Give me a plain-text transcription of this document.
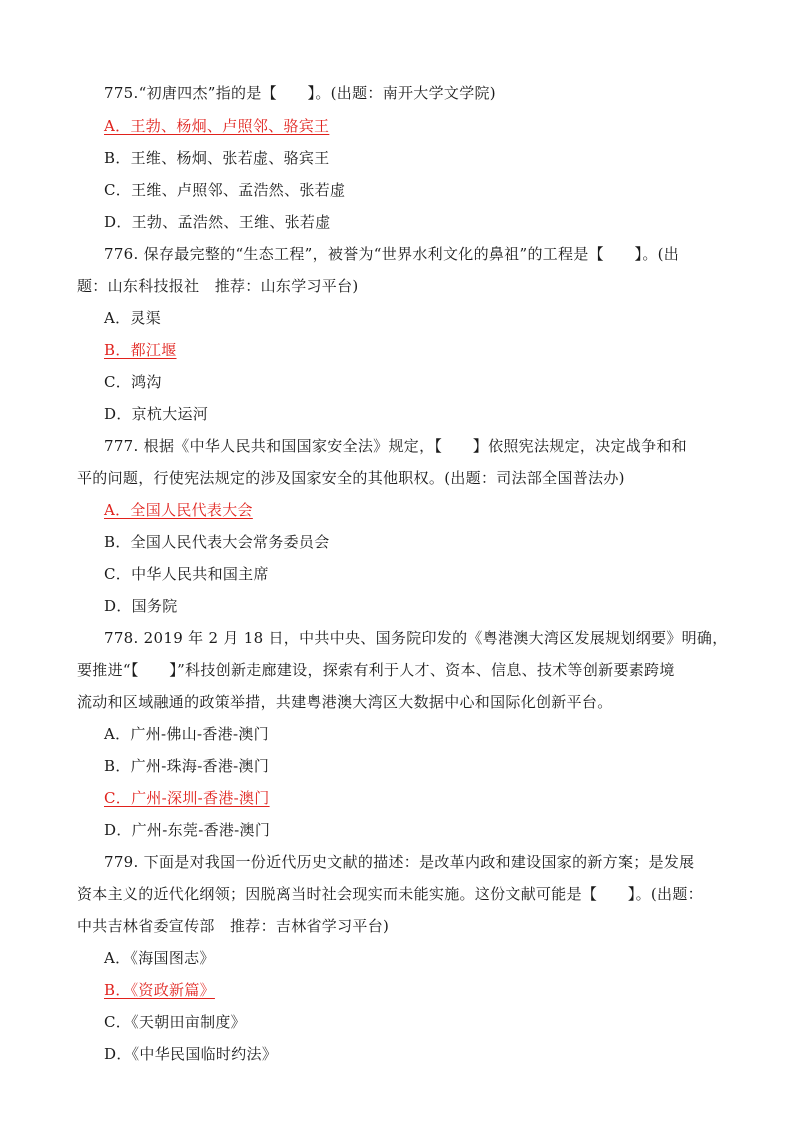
775.“初唐四杰”指的是【　　】。(出题：南开大学文学院)
A．王勃、杨炯、卢照邻、骆宾王
B．王维、杨炯、张若虚、骆宾王
C．王维、卢照邻、孟浩然、张若虚
D．王勃、孟浩然、王维、张若虚
776. 保存最完整的“生态工程”，被誉为“世界水利文化的鼻祖”的工程是【　　】。(出
题：山东科技报社　推荐：山东学习平台)
A．灵渠
B．都江堰
C．鸿沟
D．京杭大运河
777. 根据《中华人民共和国国家安全法》规定，【　　】依照宪法规定，决定战争和和
平的问题，行使宪法规定的涉及国家安全的其他职权。(出题：司法部全国普法办)
A．全国人民代表大会
B．全国人民代表大会常务委员会
C．中华人民共和国主席
D．国务院
778. 2019 年 2 月 18 日，中共中央、国务院印发的《粤港澳大湾区发展规划纲要》明确，
要推进“【　　】”科技创新走廊建设，探索有利于人才、资本、信息、技术等创新要素跨境
流动和区域融通的政策举措，共建粤港澳大湾区大数据中心和国际化创新平台。
A．广州-佛山-香港-澳门
B．广州-珠海-香港-澳门
C．广州-深圳-香港-澳门
D．广州-东莞-香港-澳门
779. 下面是对我国一份近代历史文献的描述：是改革内政和建设国家的新方案；是发展
资本主义的近代化纲领；因脱离当时社会现实而未能实施。这份文献可能是【　　】。(出题：
中共吉林省委宣传部　推荐：吉林省学习平台)
A．《海国图志》
B．《资政新篇》
C．《天朝田亩制度》
D．《中华民国临时约法》
